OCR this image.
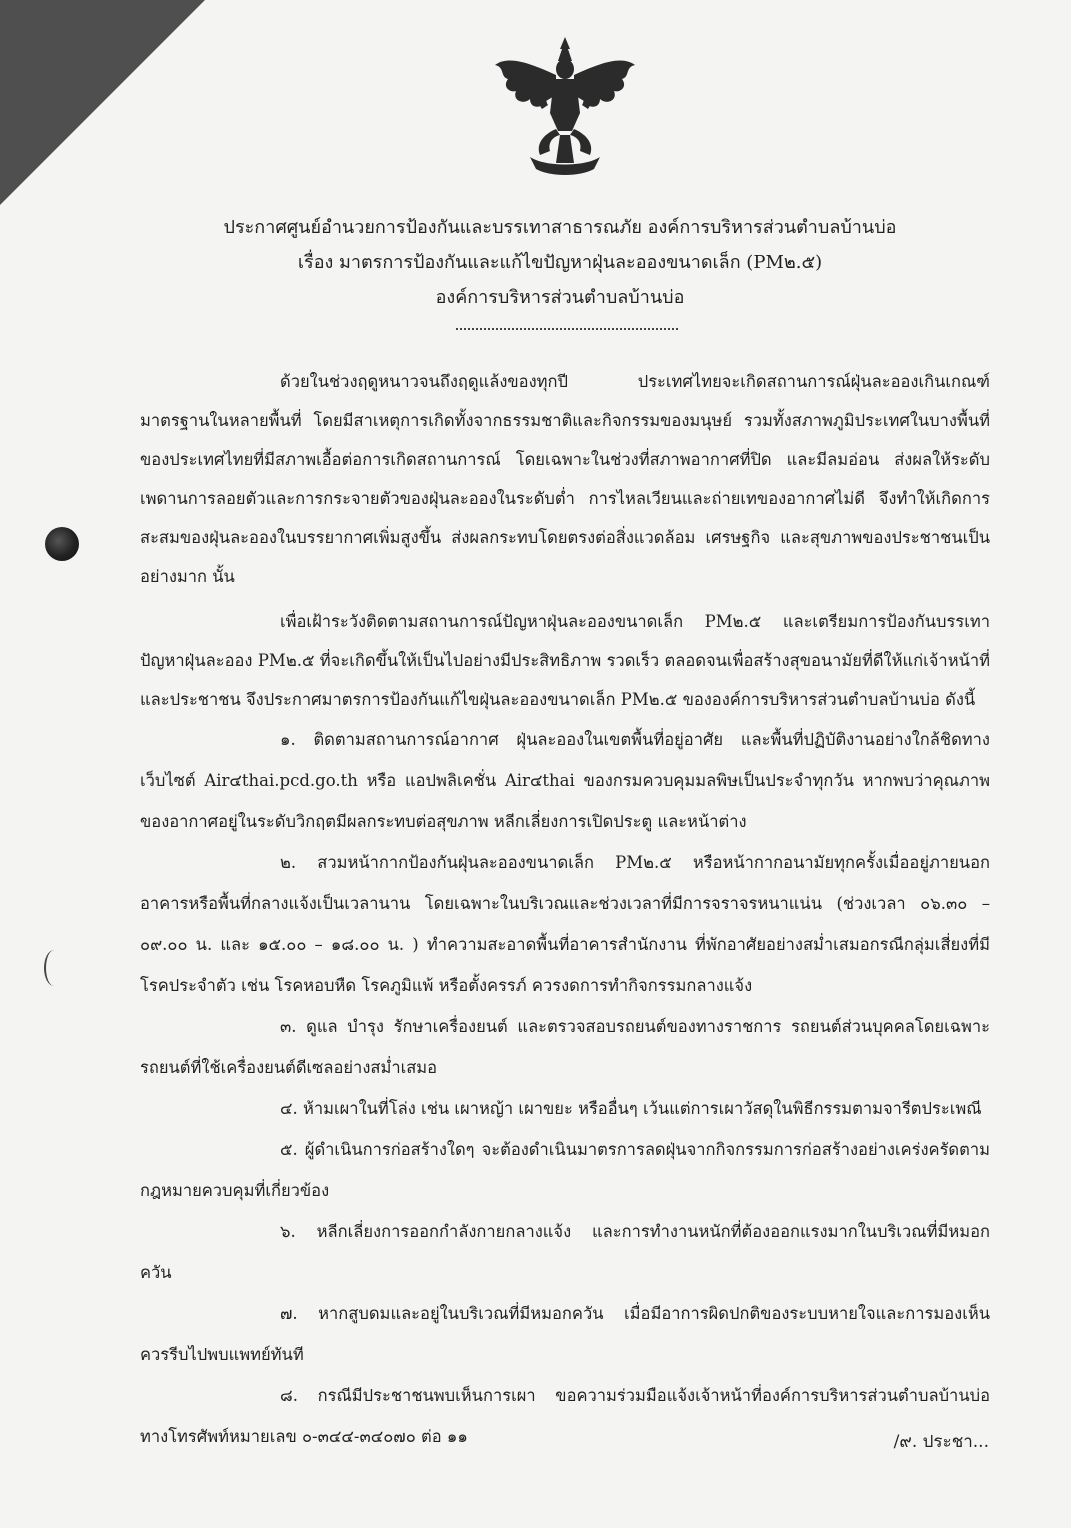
ประกาศศูนย์อำนวยการป้องกันและบรรเทาสาธารณภัย องค์การบริหารส่วนตำบลบ้านบ่อ
เรื่อง มาตรการป้องกันและแก้ไขปัญหาฝุ่นละอองขนาดเล็ก (PM๒.๕)
องค์การบริหารส่วนตำบลบ้านบ่อ

ด้วยในช่วงฤดูหนาวจนถึงฤดูแล้งของทุกปี ประเทศไทยจะเกิดสถานการณ์ฝุ่นละอองเกินเกณฑ์มาตรฐานในหลายพื้นที่ โดยมีสาเหตุการเกิดทั้งจากธรรมชาติและกิจกรรมของมนุษย์ รวมทั้งสภาพภูมิประเทศในบางพื้นที่ของประเทศไทยที่มีสภาพเอื้อต่อการเกิดสถานการณ์ โดยเฉพาะในช่วงที่สภาพอากาศที่ปิด และมีลมอ่อน ส่งผลให้ระดับเพดานการลอยตัวและการกระจายตัวของฝุ่นละอองในระดับต่ำ การไหลเวียนและถ่ายเทของอากาศไม่ดี จึงทำให้เกิดการสะสมของฝุ่นละอองในบรรยากาศเพิ่มสูงขึ้น ส่งผลกระทบโดยตรงต่อสิ่งแวดล้อม เศรษฐกิจ และสุขภาพของประชาชนเป็นอย่างมาก นั้น

เพื่อเฝ้าระวังติดตามสถานการณ์ปัญหาฝุ่นละอองขนาดเล็ก PM๒.๕ และเตรียมการป้องกันบรรเทาปัญหาฝุ่นละออง PM๒.๕ ที่จะเกิดขึ้นให้เป็นไปอย่างมีประสิทธิภาพ รวดเร็ว ตลอดจนเพื่อสร้างสุขอนามัยที่ดีให้แก่เจ้าหน้าที่และประชาชน จึงประกาศมาตรการป้องกันแก้ไขฝุ่นละอองขนาดเล็ก PM๒.๕ ขององค์การบริหารส่วนตำบลบ้านบ่อ ดังนี้

๑. ติดตามสถานการณ์อากาศ ฝุ่นละอองในเขตพื้นที่อยู่อาศัย และพื้นที่ปฏิบัติงานอย่างใกล้ชิดทางเว็บไซต์ Air๔thai.pcd.go.th หรือ แอปพลิเคชั่น Air๔thai ของกรมควบคุมมลพิษเป็นประจำทุกวัน หากพบว่าคุณภาพของอากาศอยู่ในระดับวิกฤตมีผลกระทบต่อสุขภาพ หลีกเลี่ยงการเปิดประตู และหน้าต่าง

๒. สวมหน้ากากป้องกันฝุ่นละอองขนาดเล็ก PM๒.๕ หรือหน้ากากอนามัยทุกครั้งเมื่ออยู่ภายนอกอาคารหรือพื้นที่กลางแจ้งเป็นเวลานาน โดยเฉพาะในบริเวณและช่วงเวลาที่มีการจราจรหนาแน่น (ช่วงเวลา ๐๖.๓๐ – ๐๙.๐๐ น. และ ๑๕.๐๐ – ๑๘.๐๐ น. ) ทำความสะอาดพื้นที่อาคารสำนักงาน ที่พักอาศัยอย่างสม่ำเสมอกรณีกลุ่มเสี่ยงที่มีโรคประจำตัว เช่น โรคหอบหืด โรคภูมิแพ้ หรือตั้งครรภ์ ควรงดการทำกิจกรรมกลางแจ้ง

๓. ดูแล บำรุง รักษาเครื่องยนต์ และตรวจสอบรถยนต์ของทางราชการ รถยนต์ส่วนบุคคลโดยเฉพาะรถยนต์ที่ใช้เครื่องยนต์ดีเซลอย่างสม่ำเสมอ

๔. ห้ามเผาในที่โล่ง เช่น เผาหญ้า เผาขยะ หรืออื่นๆ เว้นแต่การเผาวัสดุในพิธีกรรมตามจารีตประเพณี

๕. ผู้ดำเนินการก่อสร้างใดๆ จะต้องดำเนินมาตรการลดฝุ่นจากกิจกรรมการก่อสร้างอย่างเคร่งครัดตามกฎหมายควบคุมที่เกี่ยวข้อง

๖. หลีกเลี่ยงการออกกำลังกายกลางแจ้ง และการทำงานหนักที่ต้องออกแรงมากในบริเวณที่มีหมอกควัน

๗. หากสูบดมและอยู่ในบริเวณที่มีหมอกควัน เมื่อมีอาการผิดปกติของระบบหายใจและการมองเห็น ควรรีบไปพบแพทย์ทันที

๘. กรณีมีประชาชนพบเห็นการเผา ขอความร่วมมือแจ้งเจ้าหน้าที่องค์การบริหารส่วนตำบลบ้านบ่อ ทางโทรศัพท์หมายเลข ๐-๓๔๔-๓๔๐๗๐ ต่อ ๑๑	/๙. ประชา...
